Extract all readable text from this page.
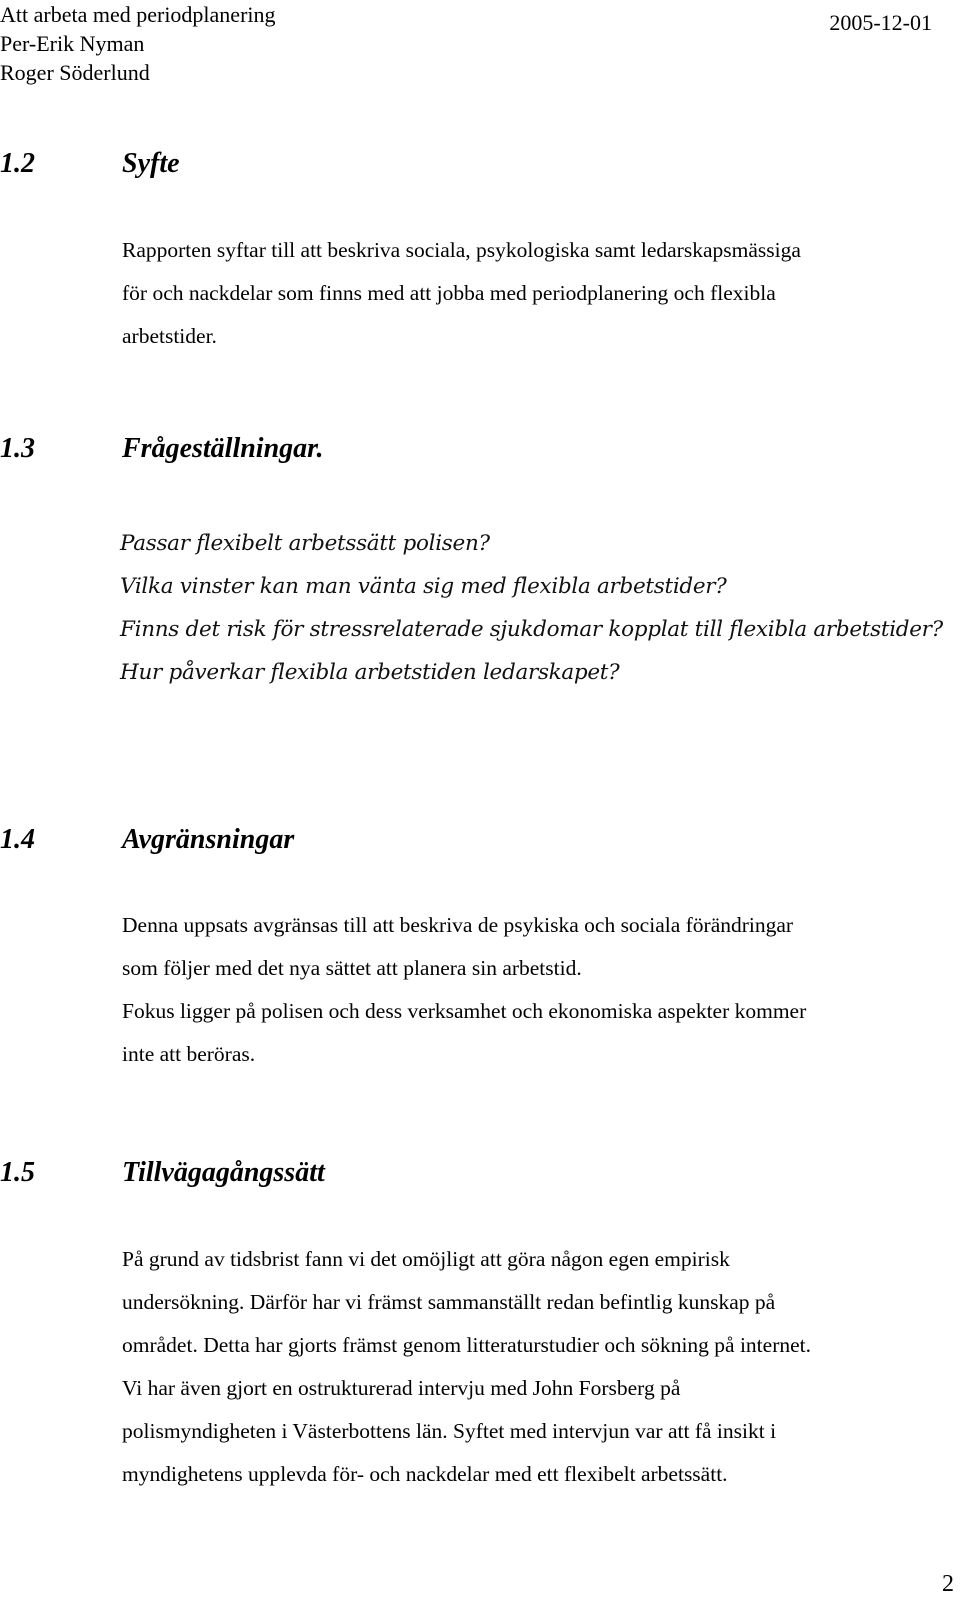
Att arbeta med periodplanering
Per-Erik Nyman
Roger Söderlund
2005-12-01
1.2	Syfte
Rapporten syftar till att beskriva sociala, psykologiska samt ledarskapsmässiga
för och nackdelar som finns med att jobba med periodplanering och flexibla
arbetstider.
1.3	Frågeställningar.
Passar flexibelt arbetssätt polisen?
Vilka vinster kan man vänta sig med flexibla arbetstider?
Finns det risk för stressrelaterade sjukdomar kopplat till flexibla arbetstider?
Hur påverkar flexibla arbetstiden ledarskapet?
1.4	Avgränsningar
Denna uppsats avgränsas till att beskriva de psykiska och sociala förändringar
som följer med det nya sättet att planera sin arbetstid.
Fokus ligger på polisen och dess verksamhet och ekonomiska aspekter kommer
inte att beröras.
1.5	Tillvägagångssätt
På grund av tidsbrist fann vi det omöjligt att göra någon egen empirisk
undersökning. Därför har vi främst sammanställt redan befintlig kunskap på
området. Detta har gjorts främst genom litteraturstudier och sökning på internet.
Vi har även gjort en ostrukturerad intervju med John Forsberg på
polismyndigheten i Västerbottens län. Syftet med intervjun var att få insikt i
myndighetens upplevda för- och nackdelar med ett flexibelt arbetssätt.
2
